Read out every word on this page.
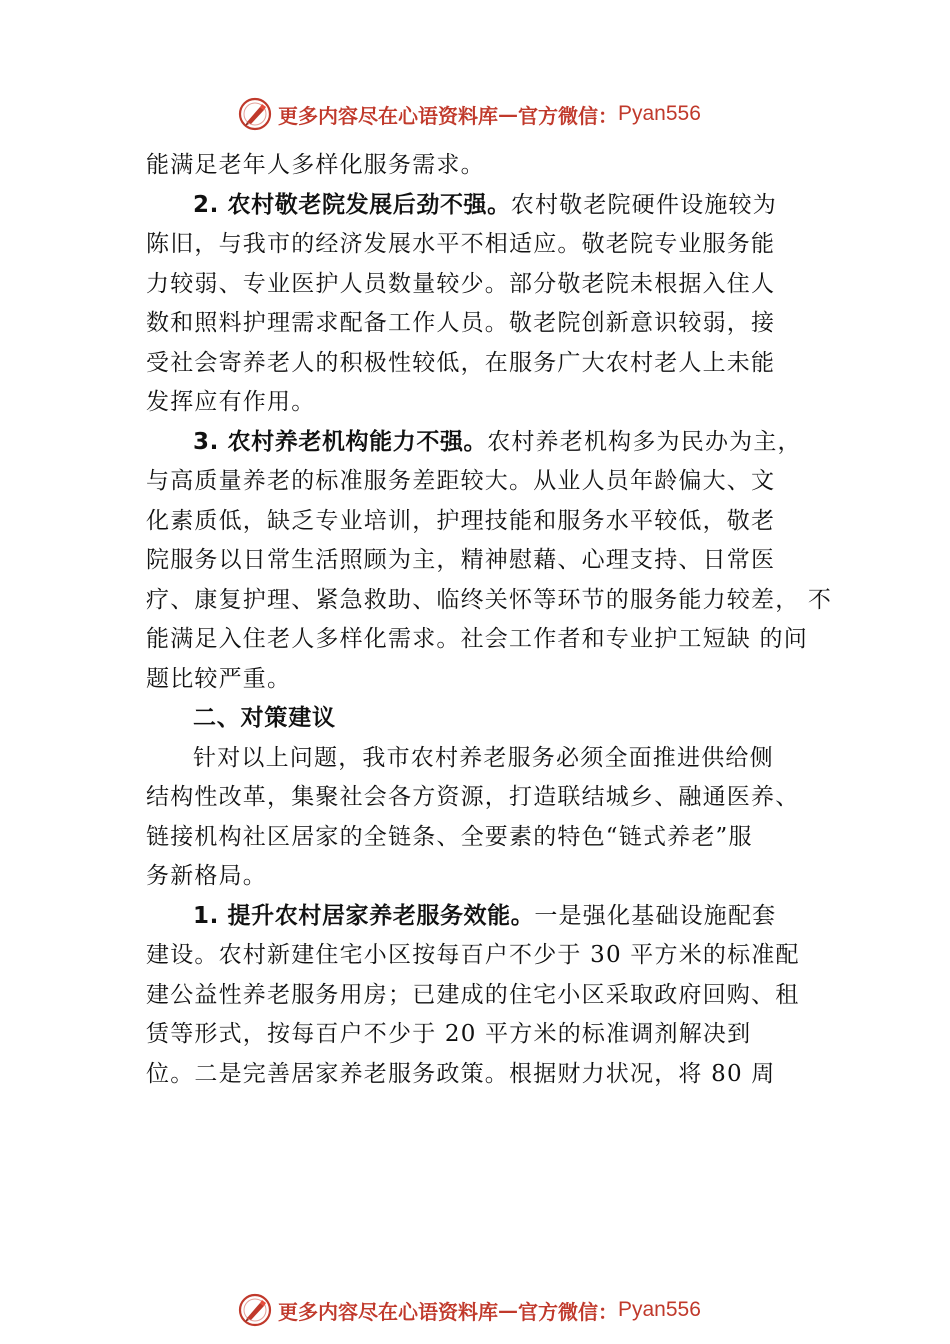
更多内容尽在心语资料库 — 官方微信： Pyan556
能满足老年人多样化服务需求。
2. 农村敬老院发展后劲不强。农村敬老院硬件设施较为
陈旧，与我市的经济发展水平不相适应。敬老院专业服务能
力较弱、专业医护人员数量较少。部分敬老院未根据入住人
数和照料护理需求配备工作人员。敬老院创新意识较弱，接
受社会寄养老人的积极性较低，在服务广大农村老人上未能
发挥应有作用。
3. 农村养老机构能力不强。农村养老机构多为民办为主，
与高质量养老的标准服务差距较大。从业人员年龄偏大、文
化素质低，缺乏专业培训，护理技能和服务水平较低，敬老
院服务以日常生活照顾为主，精神慰藉、心理支持、日常医
疗、康复护理、紧急救助、临终关怀等环节的服务能力较差， 不
能满足入住老人多样化需求。社会工作者和专业护工短缺 的问
题比较严重。
二、对策建议
针对以上问题，我市农村养老服务必须全面推进供给侧
结构性改革，集聚社会各方资源，打造联结城乡、融通医养、
链接机构社区居家的全链条、全要素的特色“链式养老”服
务新格局。
1. 提升农村居家养老服务效能。一是强化基础设施配套
建设。农村新建住宅小区按每百户不少于 30 平方米的标准配
建公益性养老服务用房；已建成的住宅小区采取政府回购、租
赁等形式，按每百户不少于 20 平方米的标准调剂解决到
位。二是完善居家养老服务政策。根据财力状况，将 80 周
更多内容尽在心语资料库 — 官方微信： Pyan556
